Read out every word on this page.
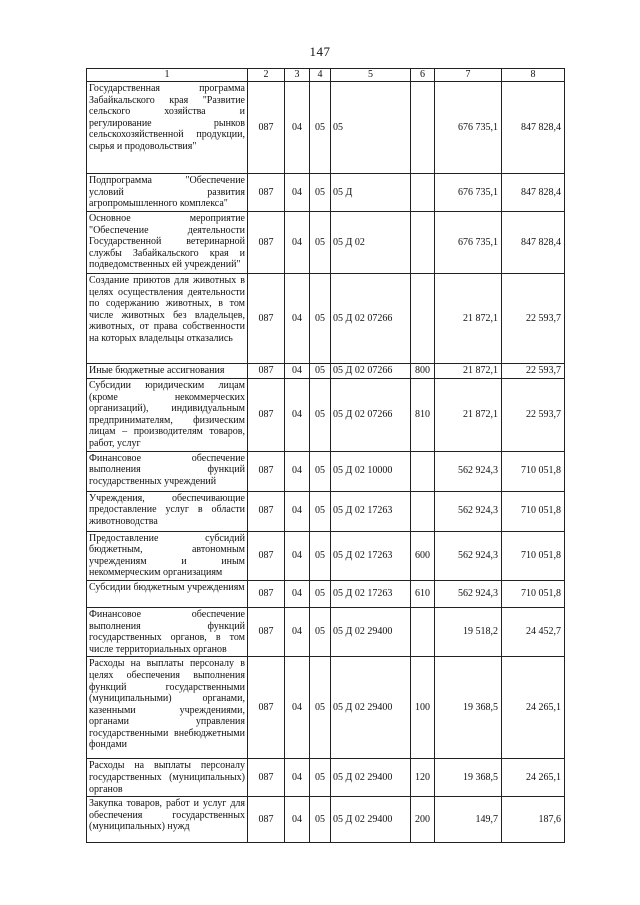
147
1	2	3	4	5	6	7	8
Государственная программа Забайкальского края "Развитие сельского хозяйства и регулирование рынков сельскохозяйственной продукции, сырья и продовольствия"	087	04	05	05		676 735,1	847 828,4
Подпрограмма "Обеспечение условий развития агропромышленного комплекса"	087	04	05	05 Д		676 735,1	847 828,4
Основное мероприятие "Обеспечение деятельности Государственной ветеринарной службы Забайкальского края и подведомственных ей учреждений"	087	04	05	05 Д 02		676 735,1	847 828,4
Создание приютов для животных в целях осуществления деятельности по содержанию животных, в том числе животных без владельцев, животных, от права собственности на которых владельцы отказались	087	04	05	05 Д 02 07266		21 872,1	22 593,7
Иные бюджетные ассигнования	087	04	05	05 Д 02 07266	800	21 872,1	22 593,7
Субсидии юридическим лицам (кроме некоммерческих организаций), индивидуальным предпринимателям, физическим лицам – производителям товаров, работ, услуг	087	04	05	05 Д 02 07266	810	21 872,1	22 593,7
Финансовое обеспечение выполнения функций государственных учреждений	087	04	05	05 Д 02 10000		562 924,3	710 051,8
Учреждения, обеспечивающие предоставление услуг в области животноводства	087	04	05	05 Д 02 17263		562 924,3	710 051,8
Предоставление субсидий бюджетным, автономным учреждениям и иным некоммерческим организациям	087	04	05	05 Д 02 17263	600	562 924,3	710 051,8
Субсидии бюджетным учреждениям	087	04	05	05 Д 02 17263	610	562 924,3	710 051,8
Финансовое обеспечение выполнения функций государственных органов, в том числе территориальных органов	087	04	05	05 Д 02 29400		19 518,2	24 452,7
Расходы на выплаты персоналу в целях обеспечения выполнения функций государственными (муниципальными) органами, казенными учреждениями, органами управления государственными внебюджетными фондами	087	04	05	05 Д 02 29400	100	19 368,5	24 265,1
Расходы на выплаты персоналу государственных (муниципальных) органов	087	04	05	05 Д 02 29400	120	19 368,5	24 265,1
Закупка товаров, работ и услуг для обеспечения государственных (муниципальных) нужд	087	04	05	05 Д 02 29400	200	149,7	187,6
